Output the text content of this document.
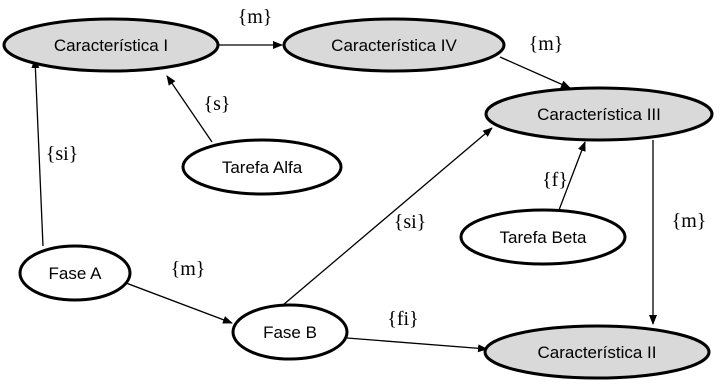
Característica I	Característica IV
Característica III
Característica II
Tarefa Alfa
Tarefa Beta
Fase A
Fase B
{m}
{m}
{s}
{si}
{m}
{si}
{f}
{m}
{fi}
